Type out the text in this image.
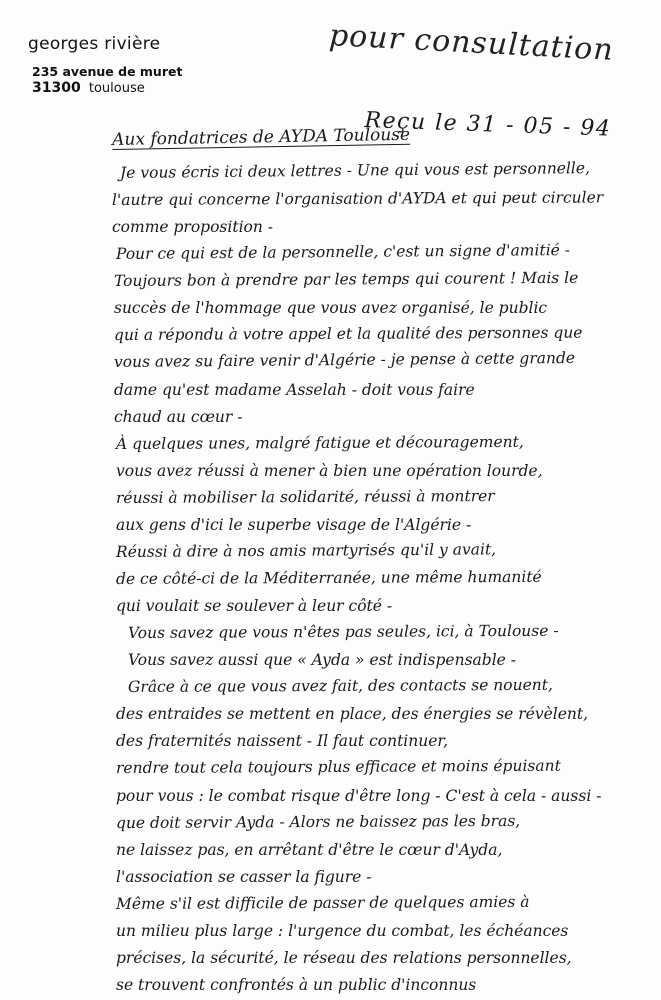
georges rivière
235 avenue de muret
31300 toulouse
pour consultation
Reçu le 31 - 05 - 94
Aux fondatrices de AYDA Toulouse
Je vous écris ici deux lettres - Une qui vous est personnelle,
l'autre qui concerne l'organisation d'AYDA et qui peut circuler
comme proposition -
Pour ce qui est de la personnelle, c'est un signe d'amitié -
Toujours bon à prendre par les temps qui courent ! Mais le
succès de l'hommage que vous avez organisé, le public
qui a répondu à votre appel et la qualité des personnes que
vous avez su faire venir d'Algérie - je pense à cette grande
dame qu'est madame Asselah - doit vous faire
chaud au cœur -
À quelques unes, malgré fatigue et découragement,
vous avez réussi à mener à bien une opération lourde,
réussi à mobiliser la solidarité, réussi à montrer
aux gens d'ici le superbe visage de l'Algérie -
Réussi à dire à nos amis martyrisés qu'il y avait,
de ce côté-ci de la Méditerranée, une même humanité
qui voulait se soulever à leur côté -
Vous savez que vous n'êtes pas seules, ici, à Toulouse -
Vous savez aussi que « Ayda » est indispensable -
Grâce à ce que vous avez fait, des contacts se nouent,
des entraides se mettent en place, des énergies se révèlent,
des fraternités naissent - Il faut continuer,
rendre tout cela toujours plus efficace et moins épuisant
pour vous : le combat risque d'être long - C'est à cela - aussi -
que doit servir Ayda - Alors ne baissez pas les bras,
ne laissez pas, en arrêtant d'être le cœur d'Ayda,
l'association se casser la figure -
Même s'il est difficile de passer de quelques amies à
un milieu plus large : l'urgence du combat, les échéances
précises, la sécurité, le réseau des relations personnelles,
se trouvent confrontés à un public d'inconnus
